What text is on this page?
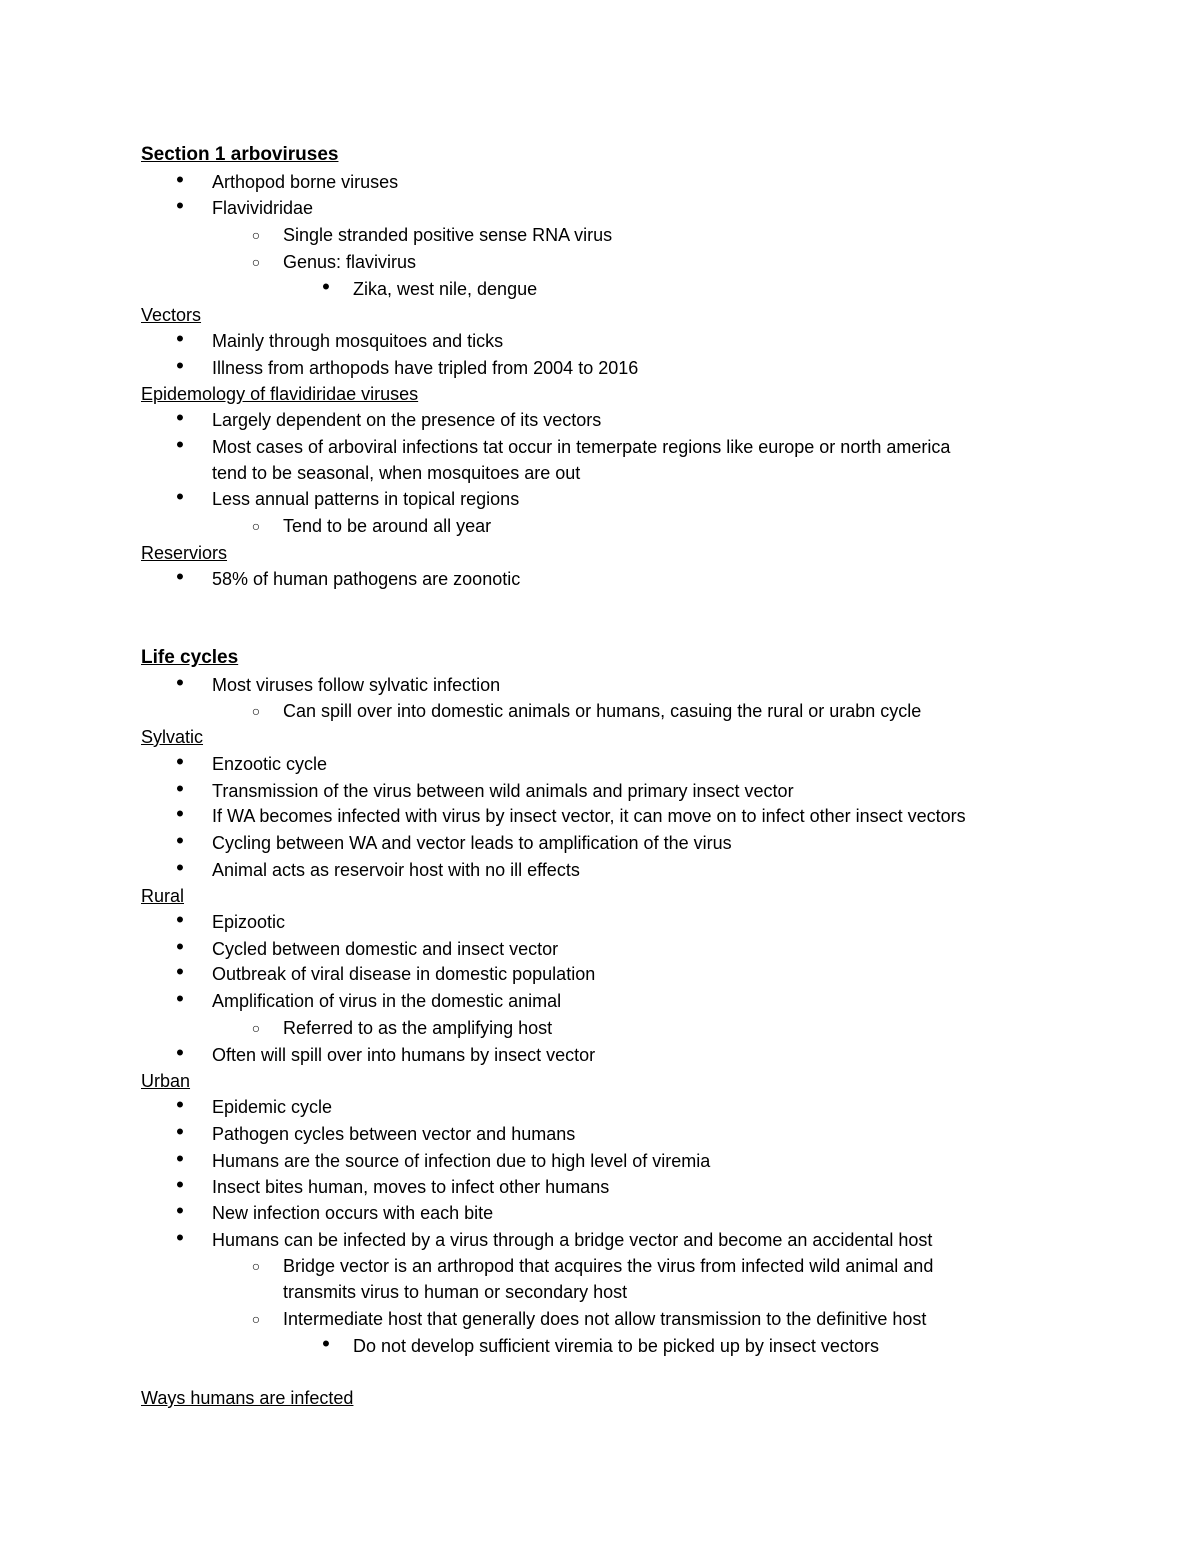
Section 1 arboviruses
•	Arthopod borne viruses
•	Flavividridae
○	Single stranded positive sense RNA virus
○	Genus: flavivirus
•	Zika, west nile, dengue
Vectors
•	Mainly through mosquitoes and ticks
•	Illness from arthopods have tripled from 2004 to 2016
Epidemology of flavidiridae viruses
•	Largely dependent on the presence of its vectors
•	Most cases of arboviral infections tat occur in temerpate regions like europe or north america
tend to be seasonal, when mosquitoes are out
•	Less annual patterns in topical regions
○	Tend to be around all year
Reserviors
•	58% of human pathogens are zoonotic
Life cycles
•	Most viruses follow sylvatic infection
○	Can spill over into domestic animals or humans, casuing the rural or urabn cycle
Sylvatic
•	Enzootic cycle
•	Transmission of the virus between wild animals and primary insect vector
•	If WA becomes infected with virus by insect vector, it can move on to infect other insect vectors
•	Cycling between WA and vector leads to amplification of the virus
•	Animal acts as reservoir host with no ill effects
Rural
•	Epizootic
•	Cycled between domestic and insect vector
•	Outbreak of viral disease in domestic population
•	Amplification of virus in the domestic animal
○	Referred to as the amplifying host
•	Often will spill over into humans by insect vector
Urban
•	Epidemic cycle
•	Pathogen cycles between vector and humans
•	Humans are the source of infection due to high level of viremia
•	Insect bites human, moves to infect other humans
•	New infection occurs with each bite
•	Humans can be infected by a virus through a bridge vector and become an accidental host
○	Bridge vector is an arthropod that acquires the virus from infected wild animal and
transmits virus to human or secondary host
○	Intermediate host that generally does not allow transmission to the definitive host
•	Do not develop sufficient viremia to be picked up by insect vectors
Ways humans are infected
